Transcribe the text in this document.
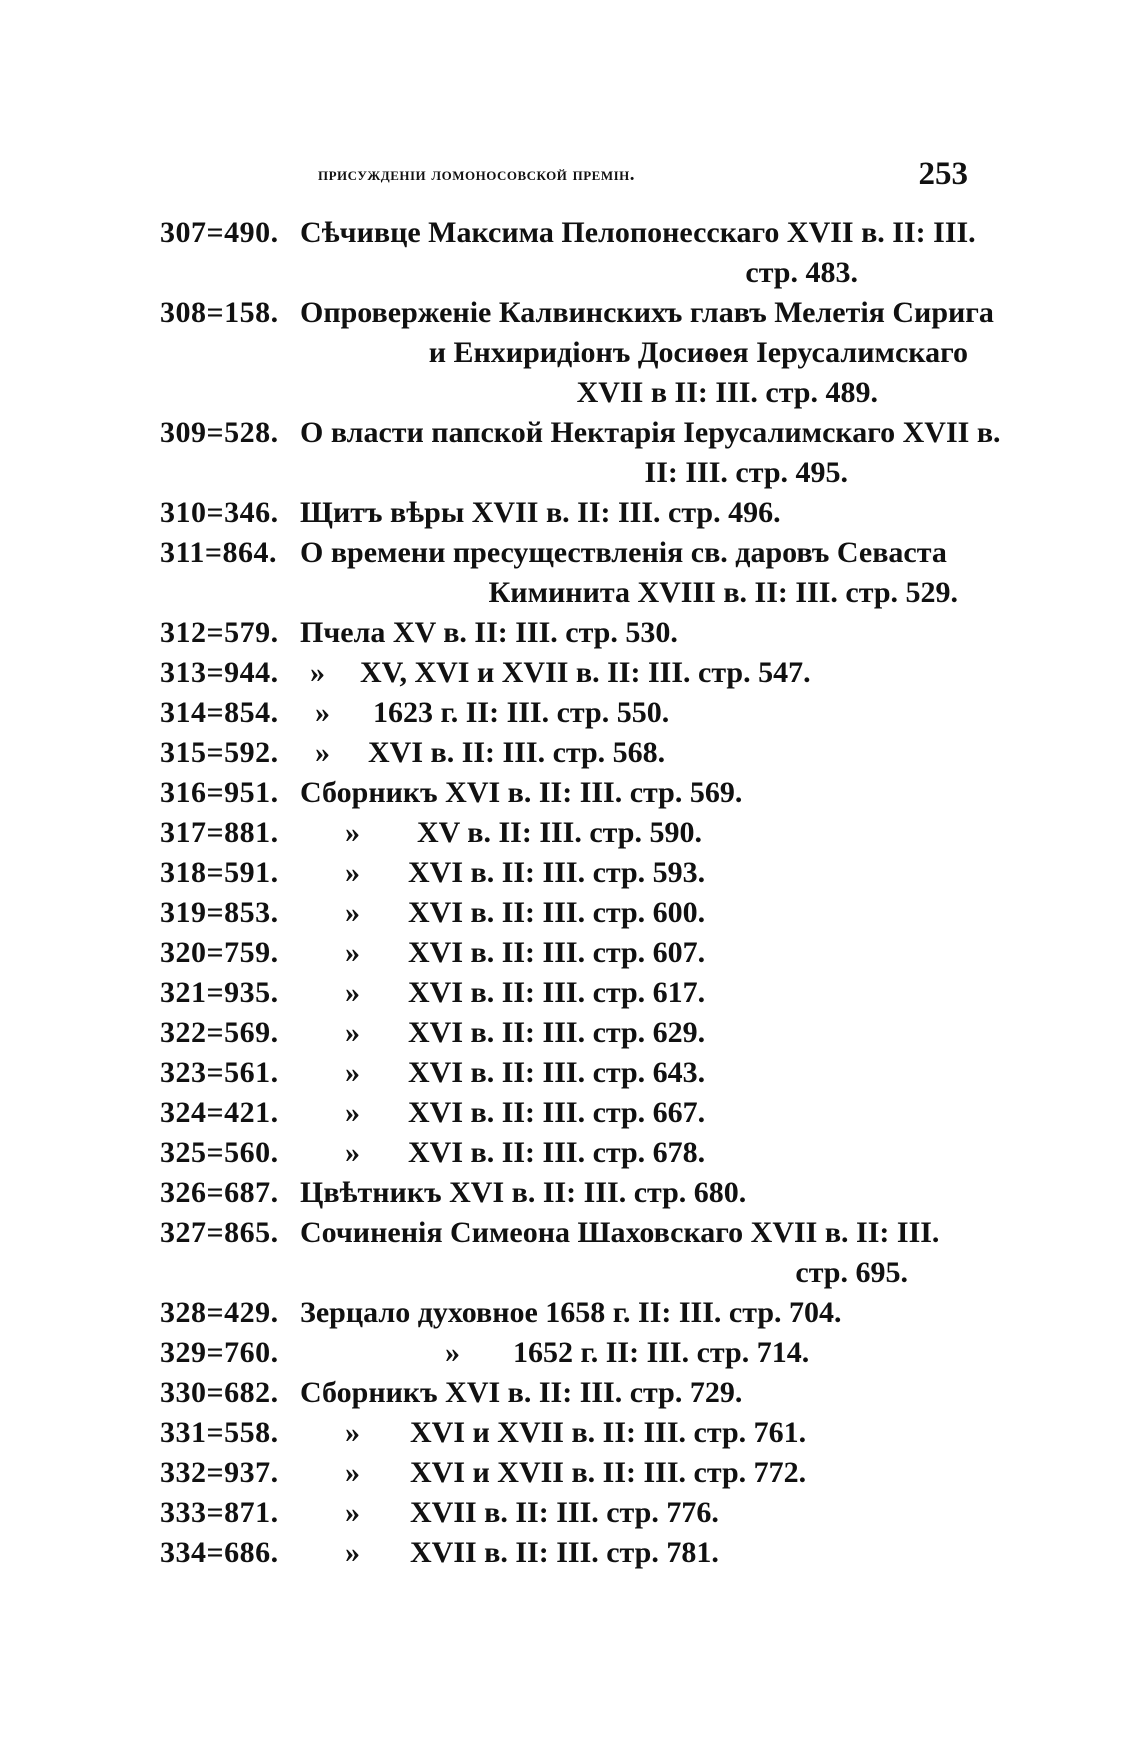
присужденіи ломоносовской премін.	253
307=490. Сѣчивце Максима Пелопонесскаго XVII в. II: III.
стр. 483.
308=158. Опроверженіе Калвинскихъ главъ Мелетія Сирига
и Енхиридіонъ Досиѳея Іерусалимскаго
XVII в II: III. стр. 489.
309=528. О власти папской Нектарія Іерусалимскаго XVII в.
II: III. стр. 495.
310=346. Щитъ вѣры XVII в. II: III. стр. 496.
311=864. О времени пресуществленія св. даровъ Севаста
Киминита XVIII в. II: III. стр. 529.
312=579. Пчела XV в. II: III. стр. 530.
313=944. » XV, XVI и XVII в. II: III. стр. 547.
314=854. » 1623 г. II: III. стр. 550.
315=592. » XVI в. II: III. стр. 568.
316=951. Сборникъ XVI в. II: III. стр. 569.
317=881. » XV в. II: III. стр. 590.
318=591. » XVI в. II: III. стр. 593.
319=853. » XVI в. II: III. стр. 600.
320=759. » XVI в. II: III. стр. 607.
321=935. » XVI в. II: III. стр. 617.
322=569. » XVI в. II: III. стр. 629.
323=561. » XVI в. II: III. стр. 643.
324=421. » XVI в. II: III. стр. 667.
325=560. » XVI в. II: III. стр. 678.
326=687. Цвѣтникъ XVI в. II: III. стр. 680.
327=865. Сочиненія Симеона Шаховскаго XVII в. II: III.
стр. 695.
328=429. Зерцало духовное 1658 г. II: III. стр. 704.
329=760.	» 1652 г. II: III. стр. 714.
330=682. Сборникъ XVI в. II: III. стр. 729.
331=558. » XVI и XVII в. II: III. стр. 761.
332=937. » XVI и XVII в. II: III. стр. 772.
333=871. » XVII в. II: III. стр. 776.
334=686. » XVII в. II: III. стр. 781.
